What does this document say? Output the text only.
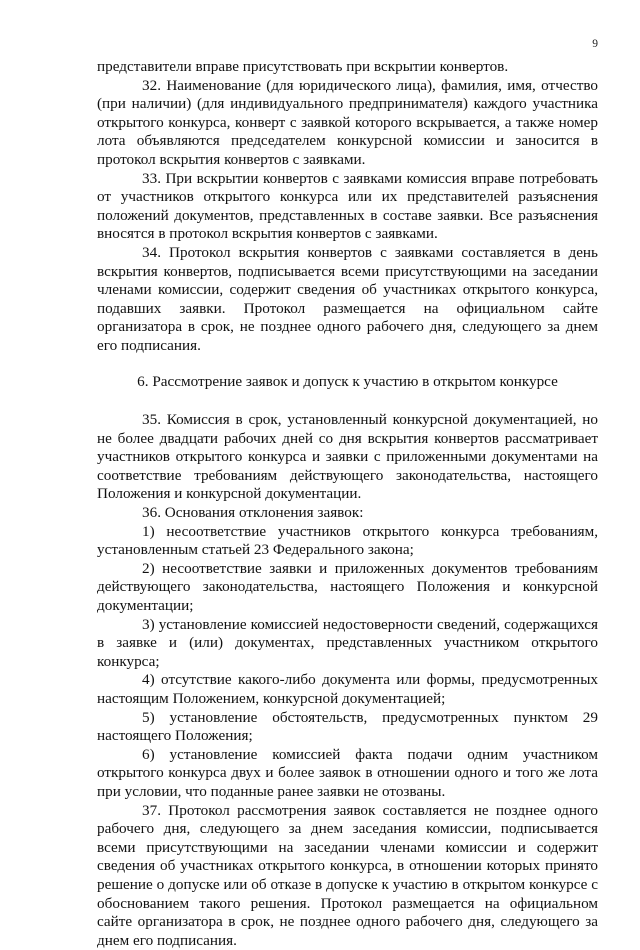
9

представители вправе присутствовать при вскрытии конвертов.

32. Наименование (для юридического лица), фамилия, имя, отчество (при наличии) (для индивидуального предпринимателя) каждого участника открытого конкурса, конверт с заявкой которого вскрывается, а также номер лота объявляются председателем конкурсной комиссии и заносится в протокол вскрытия конвертов с заявками.

33. При вскрытии конвертов с заявками комиссия вправе потребовать от участников открытого конкурса или их представителей разъяснения положений документов, представленных в составе заявки. Все разъяснения вносятся в протокол вскрытия конвертов с заявками.

34. Протокол вскрытия конвертов с заявками составляется в день вскрытия конвертов, подписывается всеми присутствующими на заседании членами комиссии, содержит сведения об участниках открытого конкурса, подавших заявки. Протокол размещается на официальном сайте организатора в срок, не позднее одного рабочего дня, следующего за днем его подписания.

6. Рассмотрение заявок и допуск к участию в открытом конкурсе

35. Комиссия в срок, установленный конкурсной документацией, но не более двадцати рабочих дней со дня вскрытия конвертов рассматривает участников открытого конкурса и заявки с приложенными документами на соответствие требованиям действующего законодательства, настоящего Положения и конкурсной документации.

36. Основания отклонения заявок:

1) несоответствие участников открытого конкурса требованиям, установленным статьей 23 Федерального закона;

2) несоответствие заявки и приложенных документов требованиям действующего законодательства, настоящего Положения и конкурсной документации;

3) установление комиссией недостоверности сведений, содержащихся в заявке и (или) документах, представленных участником открытого конкурса;

4) отсутствие какого-либо документа или формы, предусмотренных настоящим Положением, конкурсной документацией;

5) установление обстоятельств, предусмотренных пунктом 29 настоящего Положения;

6) установление комиссией факта подачи одним участником открытого конкурса двух и более заявок в отношении одного и того же лота при условии, что поданные ранее заявки не отозваны.

37. Протокол рассмотрения заявок составляется не позднее одного рабочего дня, следующего за днем заседания комиссии, подписывается всеми присутствующими на заседании членами комиссии и содержит сведения об участниках открытого конкурса, в отношении которых принято решение о допуске или об отказе в допуске к участию в открытом конкурсе с обоснованием такого решения. Протокол размещается на официальном сайте организатора в срок, не позднее одного рабочего дня, следующего за днем его подписания.
